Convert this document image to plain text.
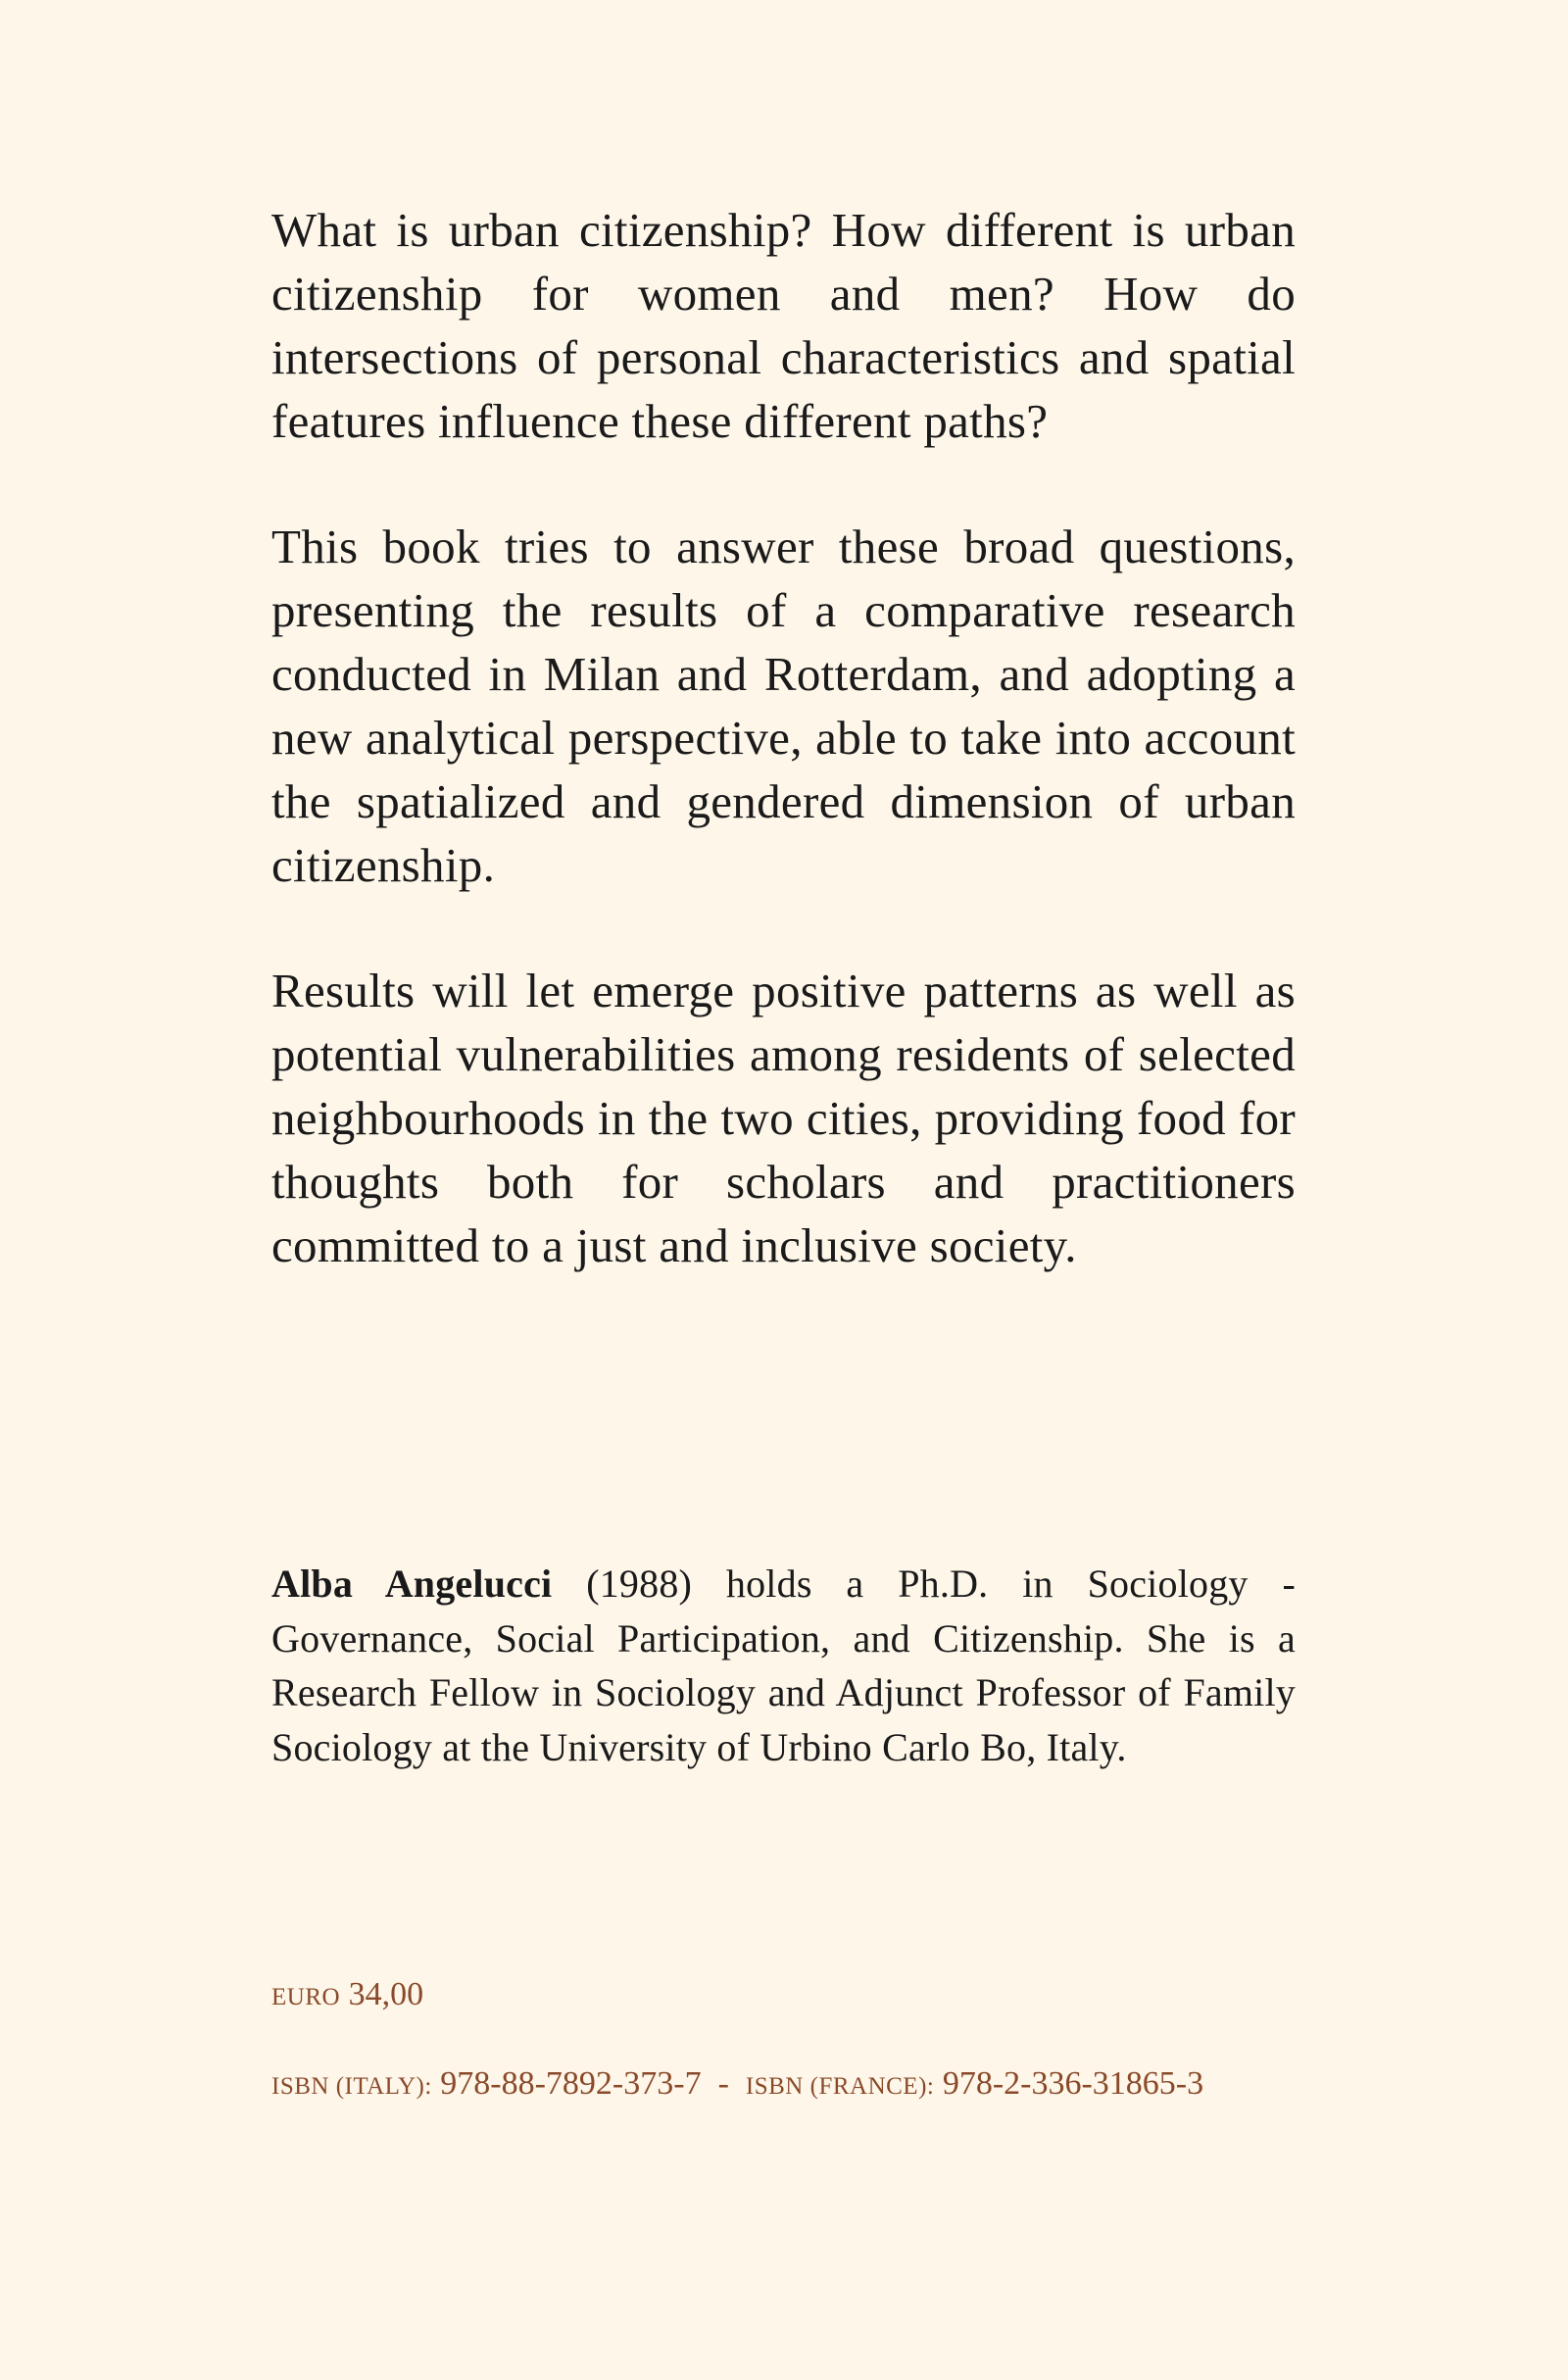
What is urban citizenship? How different is urban citizenship for women and men? How do intersections of personal characteristics and spatial features influence these different paths?

This book tries to answer these broad questions, presenting the results of a comparative research conducted in Milan and Rotterdam, and adopting a new analytical perspective, able to take into account the spatialized and gendered dimension of urban citizenship.

Results will let emerge positive patterns as well as potential vulnerabilities among residents of selected neighbourhoods in the two cities, providing food for thoughts both for scholars and practitioners committed to a just and inclusive society.

Alba Angelucci (1988) holds a Ph.D. in Sociology - Governance, Social Participation, and Citizenship. She is a Research Fellow in Sociology and Adjunct Professor of Family Sociology at the University of Urbino Carlo Bo, Italy.

EURO 34,00

ISBN (ITALY): 978-88-7892-373-7 - ISBN (FRANCE): 978-2-336-31865-3
